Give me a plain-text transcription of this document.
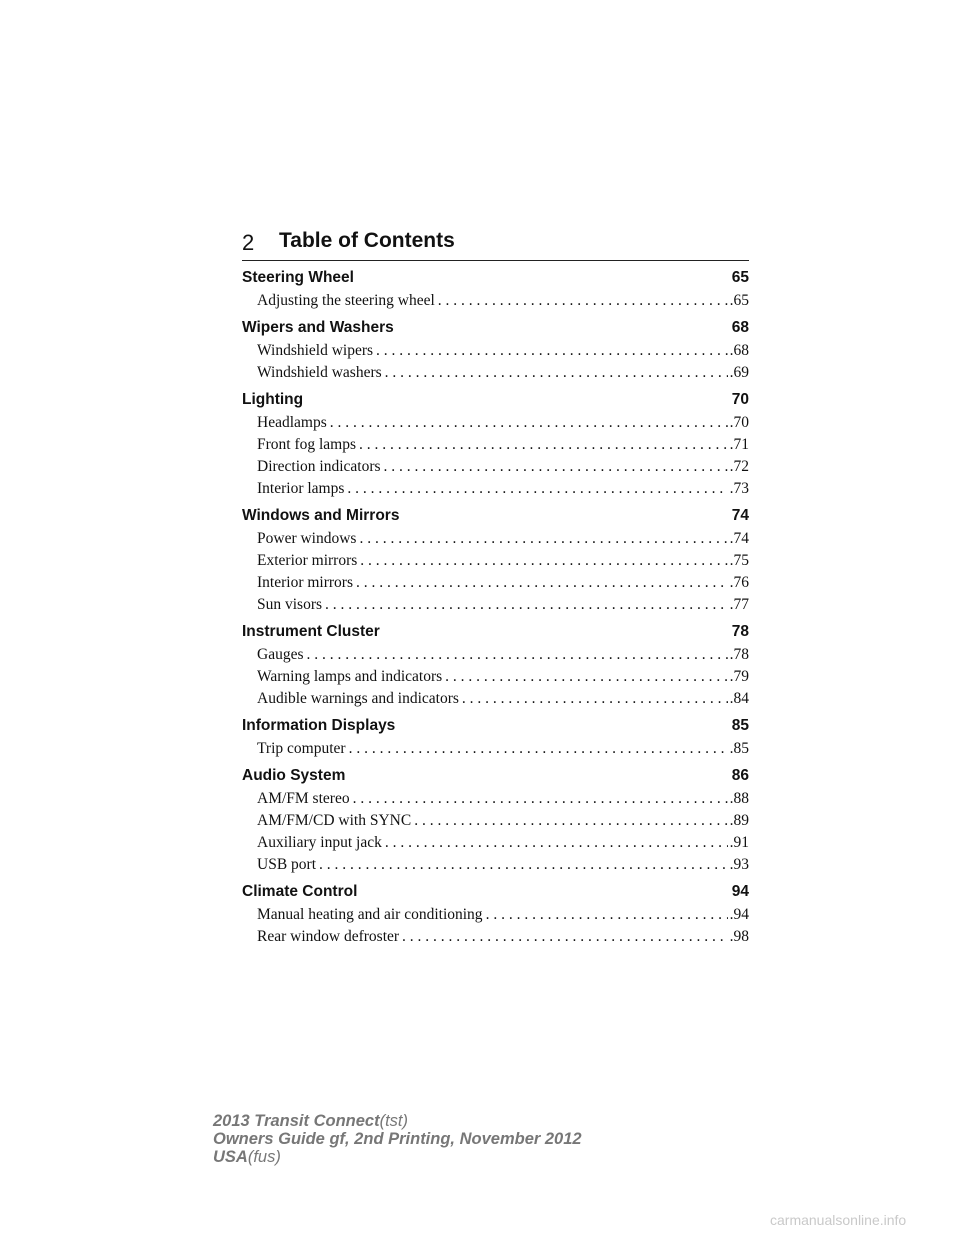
2 Table of Contents
Steering Wheel	65
Adjusting the steering wheel . . .	.65
Wipers and Washers	68
Windshield wipers . . .	.68
Windshield washers . . .	.69
Lighting	70
Headlamps . . .	.70
Front fog lamps . . .	.71
Direction indicators . . .	.72
Interior lamps . . .	.73
Windows and Mirrors	74
Power windows . . .	.74
Exterior mirrors . . .	.75
Interior mirrors . . .	.76
Sun visors . . .	.77
Instrument Cluster	78
Gauges . . .	.78
Warning lamps and indicators . . .	.79
Audible warnings and indicators . . .	.84
Information Displays	85
Trip computer . . .	.85
Audio System	86
AM/FM stereo . . .	.88
AM/FM/CD with SYNC . . .	.89
Auxiliary input jack . . .	.91
USB port . . .	.93
Climate Control	94
Manual heating and air conditioning . . .	.94
Rear window defroster . . .	.98
2013 Transit Connect(tst)
Owners Guide gf, 2nd Printing, November 2012
USA(fus)
carmanualsonline.info
